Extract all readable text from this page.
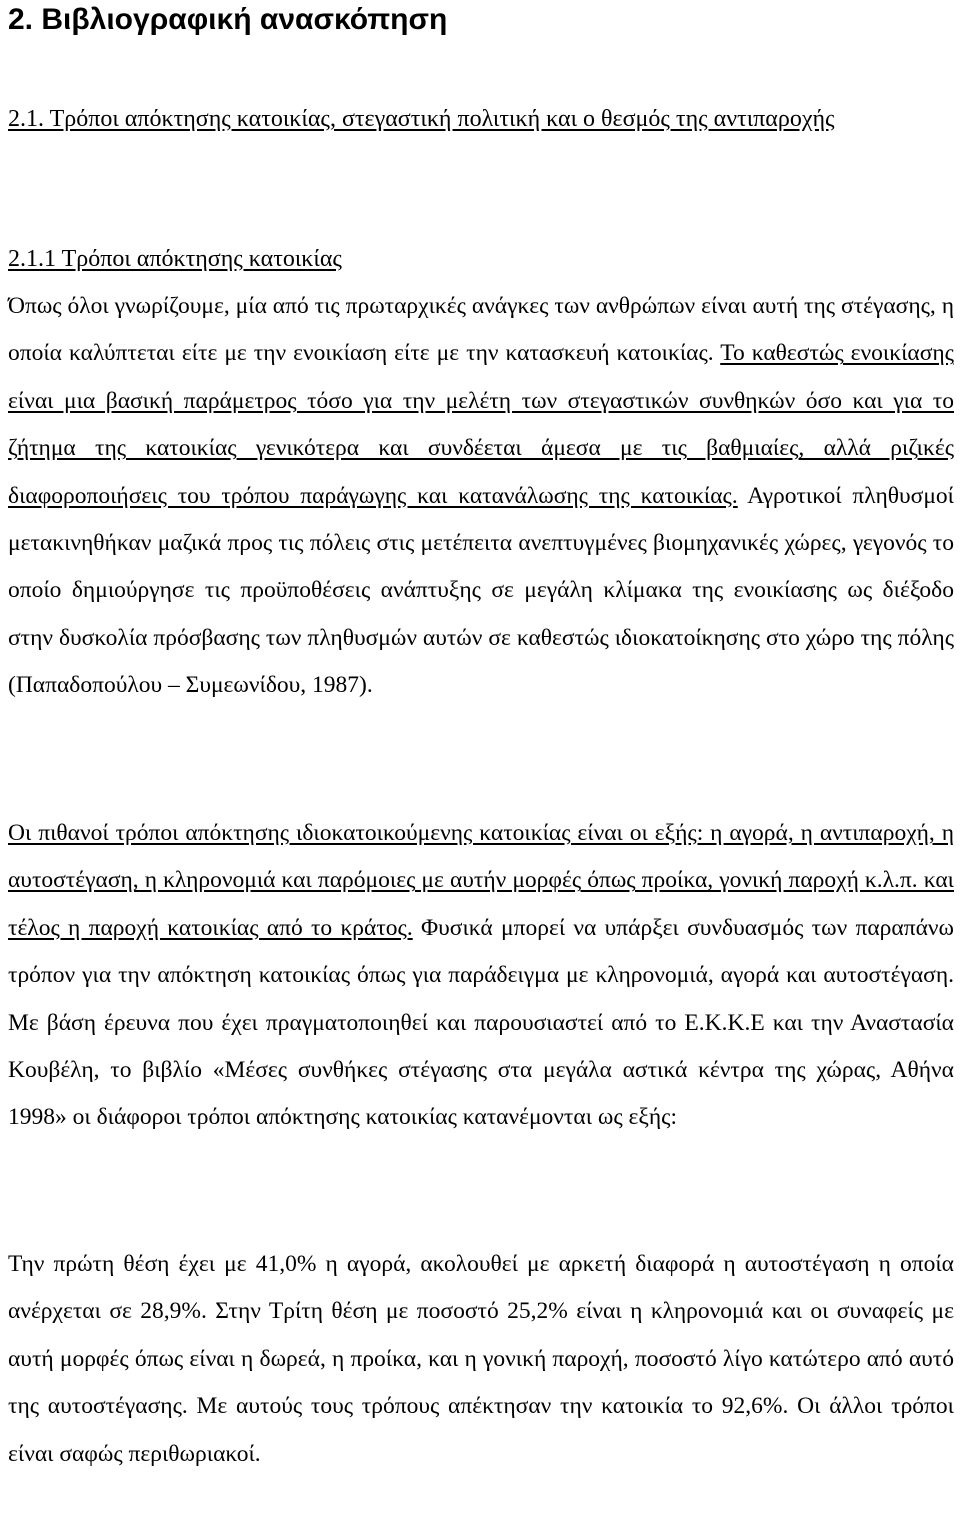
2. Βιβλιογραφική ανασκόπηση
2.1. Τρόποι απόκτησης κατοικίας, στεγαστική πολιτική και ο θεσμός της αντιπαροχής
2.1.1 Τρόποι απόκτησης κατοικίας

Όπως όλοι γνωρίζουμε, μία από τις πρωταρχικές ανάγκες των ανθρώπων είναι αυτή της στέγασης, η οποία καλύπτεται είτε με την ενοικίαση είτε με την κατασκευή κατοικίας. Το καθεστώς ενοικίασης είναι μια βασική παράμετρος τόσο για την μελέτη των στεγαστικών συνθηκών όσο και για το ζήτημα της κατοικίας γενικότερα και συνδέεται άμεσα με τις βαθμιαίες, αλλά ριζικές διαφοροποιήσεις του τρόπου παράγωγης και κατανάλωσης της κατοικίας. Αγροτικοί πληθυσμοί μετακινηθήκαν μαζικά προς τις πόλεις στις μετέπειτα ανεπτυγμένες βιομηχανικές χώρες, γεγονός το οποίο δημιούργησε τις προϋποθέσεις ανάπτυξης σε μεγάλη κλίμακα της ενοικίασης ως διέξοδο στην δυσκολία πρόσβασης των πληθυσμών αυτών σε καθεστώς ιδιοκατοίκησης στο χώρο της πόλης (Παπαδοπούλου – Συμεωνίδου, 1987).

Οι πιθανοί τρόποι απόκτησης ιδιοκατοικούμενης κατοικίας είναι οι εξής: η αγορά, η αντιπαροχή, η αυτοστέγαση, η κληρονομιά και παρόμοιες με αυτήν μορφές όπως προίκα, γονική παροχή κ.λ.π. και τέλος η παροχή κατοικίας από το κράτος. Φυσικά μπορεί να υπάρξει συνδυασμός των παραπάνω τρόπον για την απόκτηση κατοικίας όπως για παράδειγμα με κληρονομιά, αγορά και αυτοστέγαση. Με βάση έρευνα που έχει πραγματοποιηθεί και παρουσιαστεί από το Ε.Κ.Κ.Ε και την Αναστασία Κουβέλη, το βιβλίο «Μέσες συνθήκες στέγασης στα μεγάλα αστικά κέντρα της χώρας, Αθήνα 1998» οι διάφοροι τρόποι απόκτησης κατοικίας κατανέμονται ως εξής:

Την πρώτη θέση έχει με 41,0% η αγορά, ακολουθεί με αρκετή διαφορά η αυτοστέγαση η οποία ανέρχεται σε 28,9%. Στην Τρίτη θέση με ποσοστό 25,2% είναι η κληρονομιά και οι συναφείς με αυτή μορφές όπως είναι η δωρεά, η προίκα, και η γονική παροχή, ποσοστό λίγο κατώτερο από αυτό της αυτοστέγασης. Με αυτούς τους τρόπους απέκτησαν την κατοικία το 92,6%. Οι άλλοι τρόποι είναι σαφώς περιθωριακοί.
